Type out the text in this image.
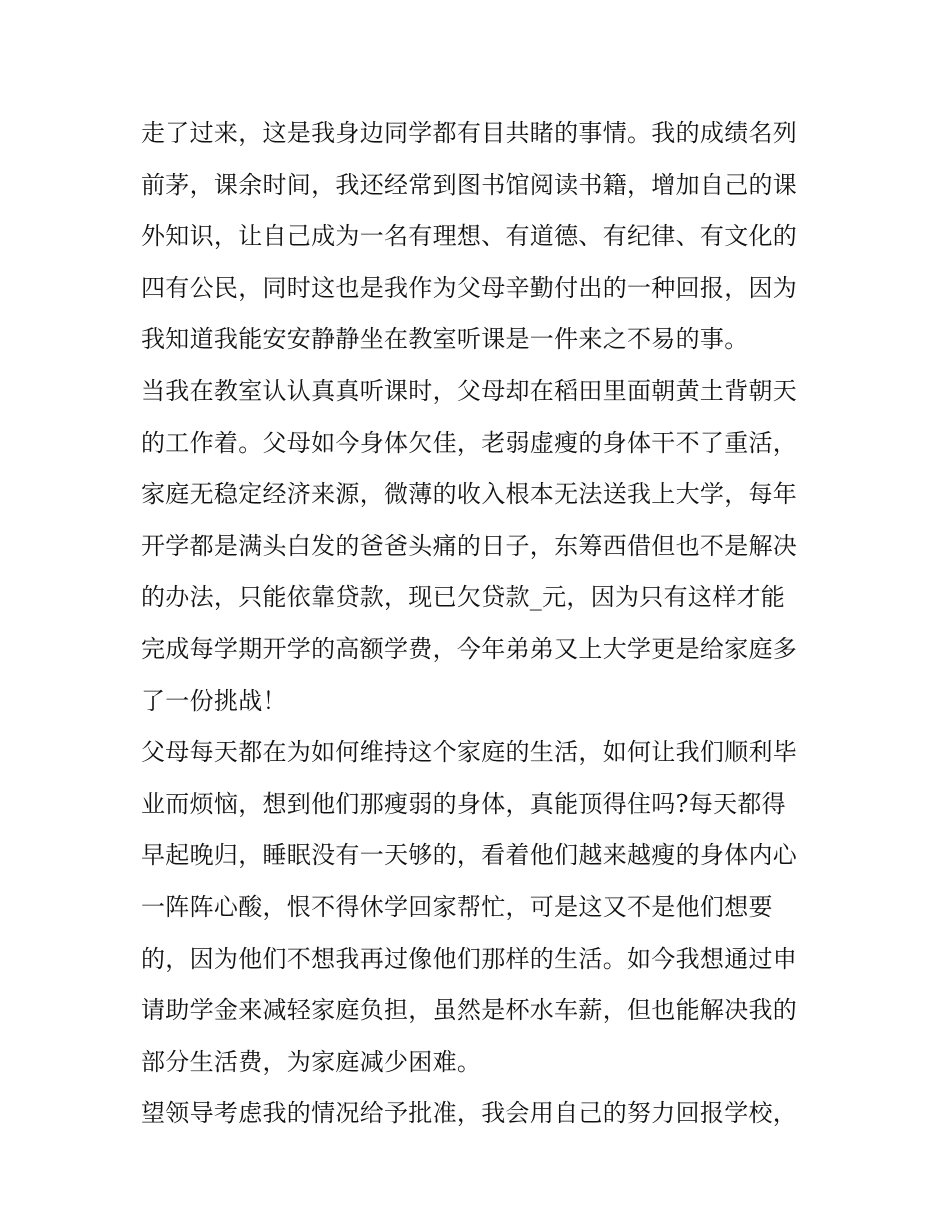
走了过来，这是我身边同学都有目共睹的事情。我的成绩名列
前茅，课余时间，我还经常到图书馆阅读书籍，增加自己的课
外知识，让自己成为一名有理想、有道德、有纪律、有文化的
四有公民，同时这也是我作为父母辛勤付出的一种回报，因为
我知道我能安安静静坐在教室听课是一件来之不易的事。
当我在教室认认真真听课时，父母却在稻田里面朝黄土背朝天
的工作着。父母如今身体欠佳，老弱虚瘦的身体干不了重活，
家庭无稳定经济来源，微薄的收入根本无法送我上大学，每年
开学都是满头白发的爸爸头痛的日子，东筹西借但也不是解决
的办法，只能依靠贷款，现已欠贷款_元，因为只有这样才能
完成每学期开学的高额学费，今年弟弟又上大学更是给家庭多
了一份挑战！
父母每天都在为如何维持这个家庭的生活，如何让我们顺利毕
业而烦恼，想到他们那瘦弱的身体，真能顶得住吗?每天都得
早起晚归，睡眠没有一天够的，看着他们越来越瘦的身体内心
一阵阵心酸，恨不得休学回家帮忙，可是这又不是他们想要
的，因为他们不想我再过像他们那样的生活。如今我想通过申
请助学金来减轻家庭负担，虽然是杯水车薪，但也能解决我的
部分生活费，为家庭减少困难。
望领导考虑我的情况给予批准，我会用自己的努力回报学校，
